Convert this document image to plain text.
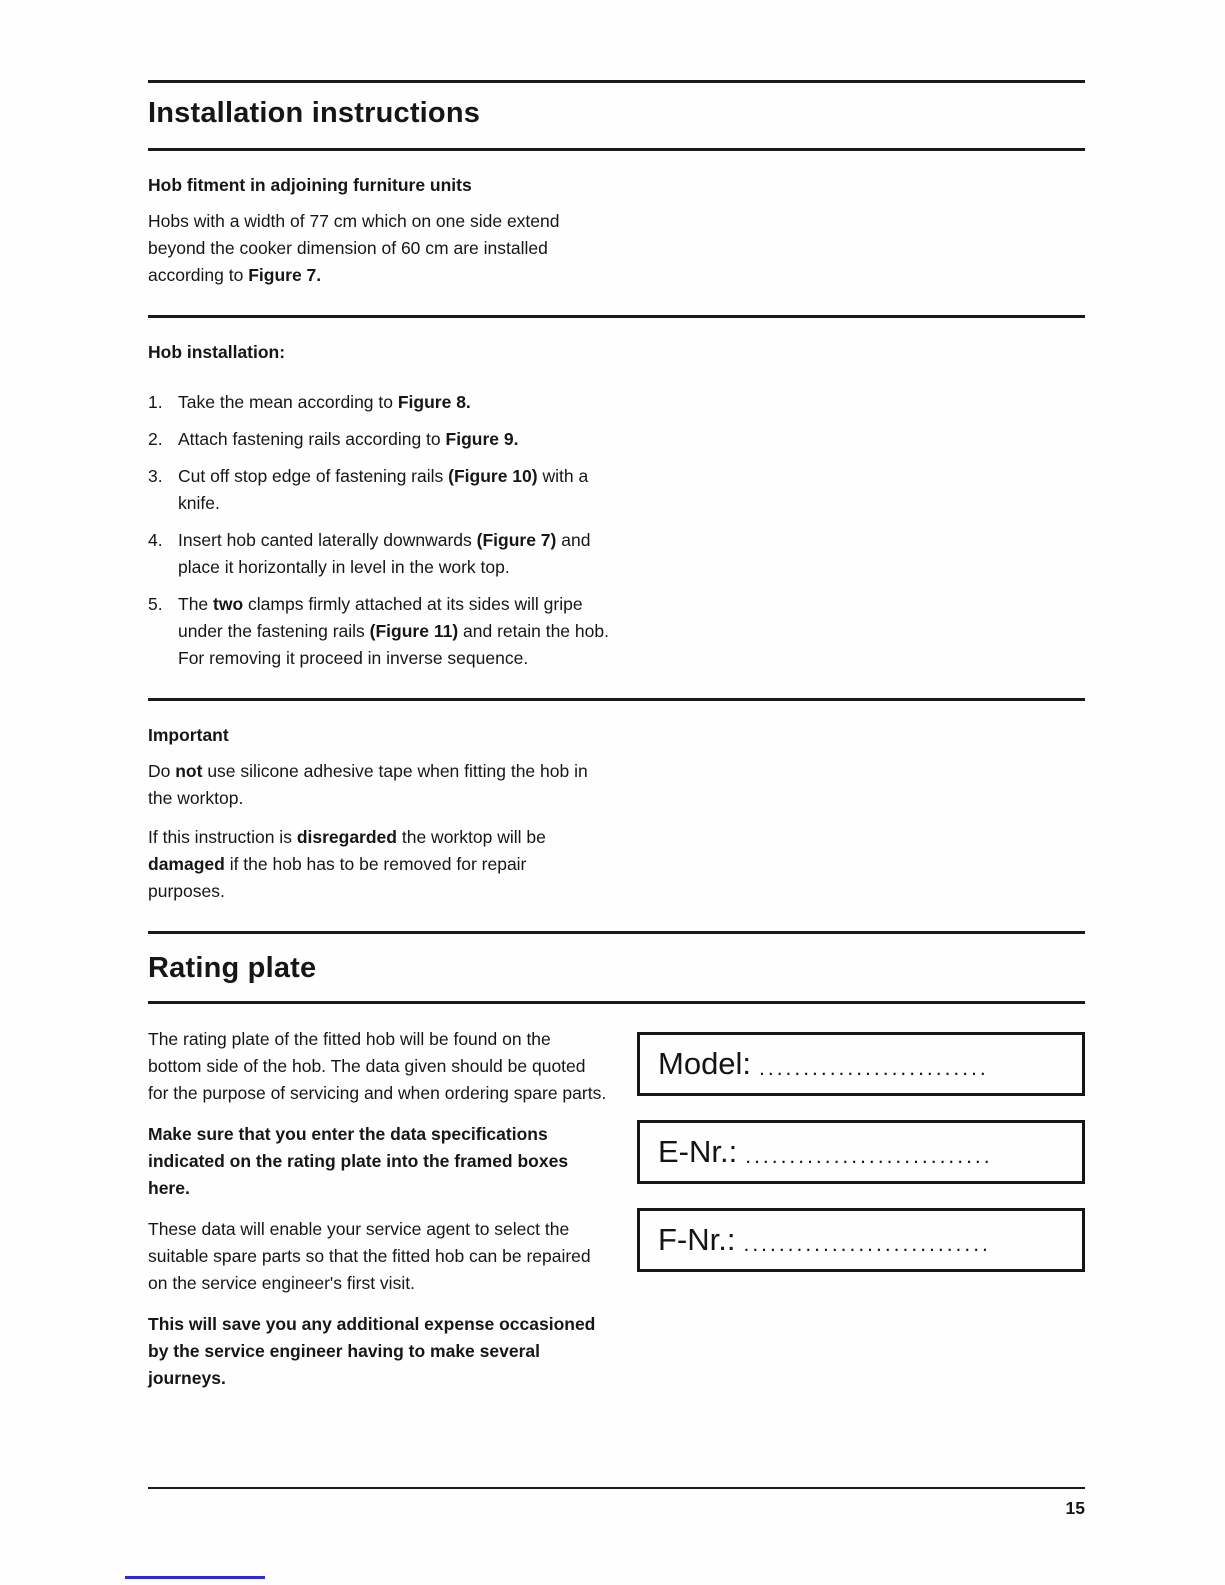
Installation instructions
Hob fitment in adjoining furniture units

Hobs with a width of 77 cm which on one side extend beyond the cooker dimension of 60 cm are installed according to Figure 7.

Hob installation:
1. Take the mean according to Figure 8.
2. Attach fastening rails according to Figure 9.
3. Cut off stop edge of fastening rails (Figure 10) with a knife.
4. Insert hob canted laterally downwards (Figure 7) and place it horizontally in level in the work top.
5. The two clamps firmly attached at its sides will gripe under the fastening rails (Figure 11) and retain the hob. For removing it proceed in inverse sequence.
Important

Do not use silicone adhesive tape when fitting the hob in the worktop.

If this instruction is disregarded the worktop will be damaged if the hob has to be removed for repair purposes.

Rating plate

The rating plate of the fitted hob will be found on the bottom side of the hob. The data given should be quoted for the purpose of servicing and when ordering spare parts.

Make sure that you enter the data specifications indicated on the rating plate into the framed boxes here.

These data will enable your service agent to select the suitable spare parts so that the fitted hob can be repaired on the service engineer's first visit.

This will save you any additional expense occasioned by the service engineer having to make several journeys.

Model: ..........................
E-Nr.: ............................
F-Nr.: ............................
15
